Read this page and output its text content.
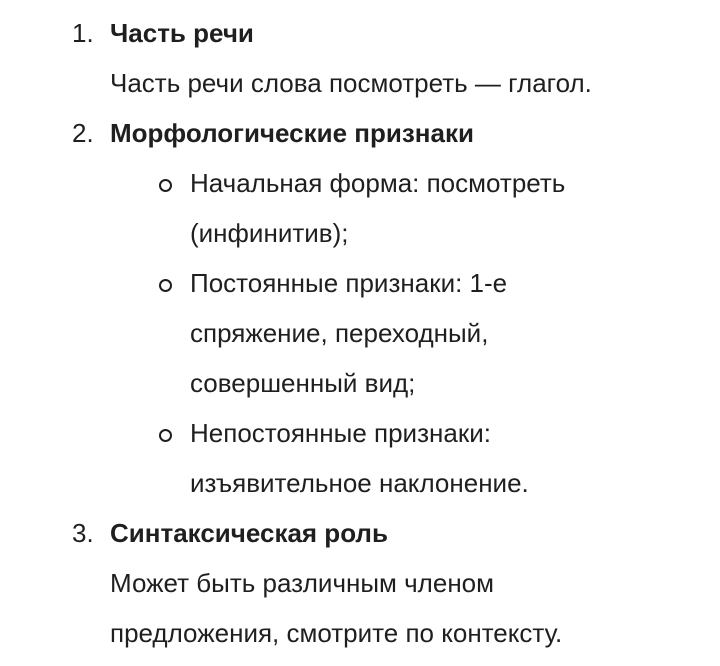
1. Часть речи
Часть речи слова посмотреть — глагол.
2. Морфологические признаки
Начальная форма: посмотреть
(инфинитив);
Постоянные признаки: 1-е
спряжение, переходный,
совершенный вид;
Непостоянные признаки:
изъявительное наклонение.
3. Синтаксическая роль
Может быть различным членом
предложения, смотрите по контексту.
